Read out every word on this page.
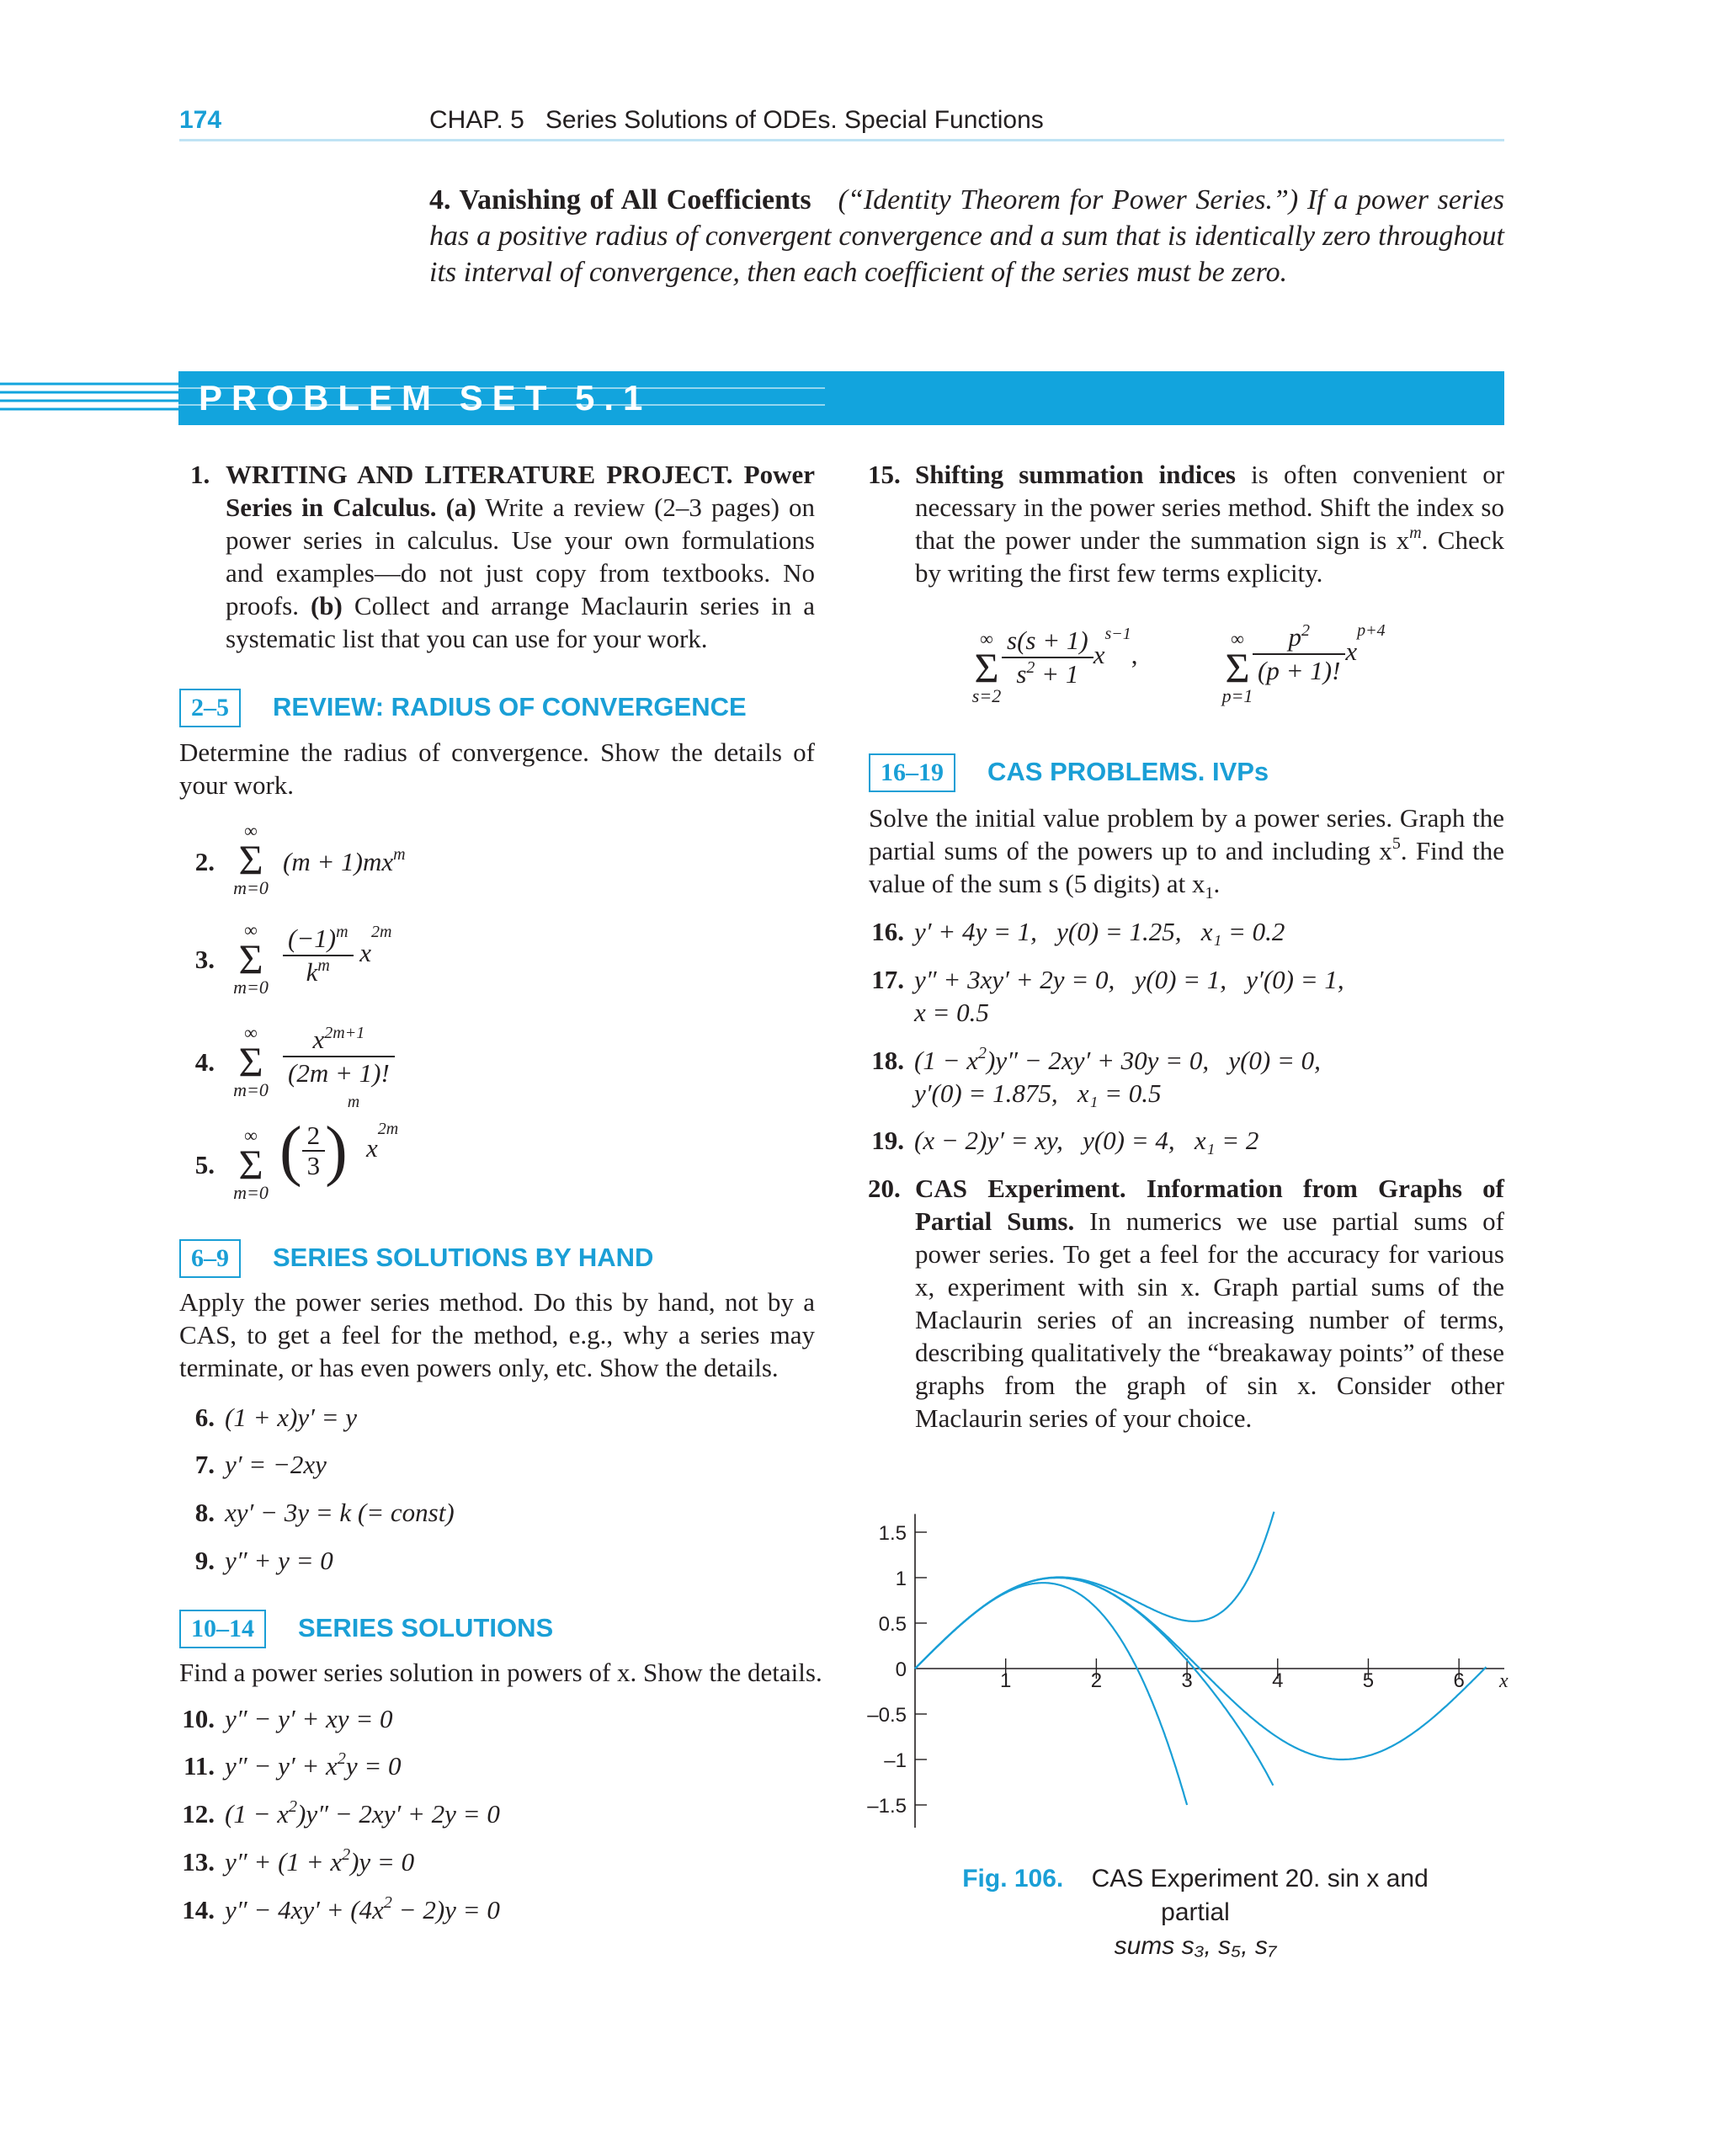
174	CHAP. 5   Series Solutions of ODEs. Special Functions
4. Vanishing of All Coefficients (“Identity Theorem for Power Series.”) If a power series has a positive radius of convergent convergence and a sum that is identically zero throughout its interval of convergence, then each coefficient of the series must be zero.
PROBLEM SET 5.1
1. WRITING AND LITERATURE PROJECT. Power Series in Calculus. (a) Write a review (2–3 pages) on power series in calculus. Use your own formulations and examples—do not just copy from textbooks. No proofs. (b) Collect and arrange Maclaurin series in a systematic list that you can use for your work.
2–5 REVIEW: RADIUS OF CONVERGENCE
Determine the radius of convergence. Show the details of your work.
2.
∞
Σ
m=0
$(m + 1)mx^m$
3.
∞
Σ
$m=0 \frac{(-1)^m}{k^m} x^{2m}$
4.
∞
Σ
m=0
$\frac{x^{2m+1}}{(2m + 1)!}$
5.
∞
Σ
m=0
( $\frac{2}{3} )^m$ $x^{2m}$
6–9 SERIES SOLUTIONS BY HAND
Apply the power series method. Do this by hand, not by a CAS, to get a feel for the method, e.g., why a series may terminate, or has even powers only, etc. Show the details.
6. (1 + x)y′ = y
7. y′ = −2xy
8. xy′ − 3y = k (= const)
9. y″ + y = 0
10–14 SERIES SOLUTIONS
Find a power series solution in powers of x. Show the details.
10. y″ − y′ + xy = 0
11. $y'' - y' + x^2y = 0$
12. $(1 - x^2)y'' - 2xy' + 2y = 0$
13. $y'' + (1 + x^2)y = 0$
14. $y'' - 4xy' + (4x^2 - 2)y = 0$
15. Shifting summation indices is often convenient or necessary in the power series method. Shift the index so that the power under the summation sign is $x^m$. Check by writing the first few terms explicity.
∞
Σ
s=2
$\frac{s(s + 1)}{s^2 + 1} x^{s-1}$,
∞
Σ
p=1
$\frac{p^2}{(p + 1)!} x^{p+4}$
16–19 CAS PROBLEMS. IVPs
Solve the initial value problem by a power series. Graph the partial sums of the powers up to and including $x^5$. Find the value of the sum s (5 digits) at $x_1$.
16. y′ + 4y = 1,   y(0) = 1.25,   x₁ = 0.2
17. y″ + 3xy′ + 2y = 0,   y(0) = 1,   y′(0) = 1,
x = 0.5
18. $(1 - x^2)y'' - 2xy' + 30y = 0$,   y(0) = 0,
y′(0) = 1.875,   x₁ = 0.5
19. (x − 2)y′ = xy,   y(0) = 4,   x₁ = 2
20. CAS Experiment. Information from Graphs of Partial Sums. In numerics we use partial sums of power series. To get a feel for the accuracy for various x, experiment with sin x. Graph partial sums of the Maclaurin series of an increasing number of terms, describing qualitatively the “breakaway points” of these graphs from the graph of sin x. Consider other Maclaurin series of your choice.
1	2	3	4	5	6 x
1.5
1
0.5
0
–0.5
–1
–1.5
Fig. 106. CAS Experiment 20. sin x and partial
sums s₃, s₅, s₇
